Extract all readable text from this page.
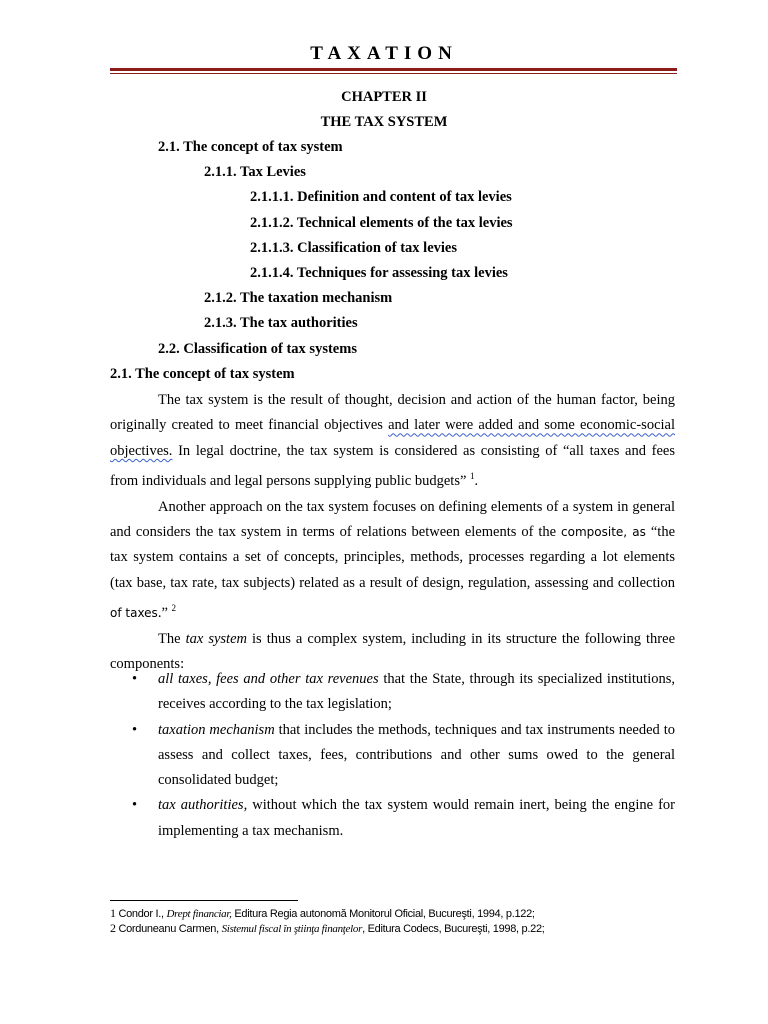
TAXATION
CHAPTER II
THE TAX SYSTEM
2.1. The concept of tax system
2.1.1. Tax Levies
2.1.1.1. Definition and content of tax levies
2.1.1.2. Technical elements of the tax levies
2.1.1.3. Classification of tax levies
2.1.1.4. Techniques for assessing tax levies
2.1.2. The taxation mechanism
2.1.3. The tax authorities
2.2. Classification of tax systems
2.1. The concept of tax system

The tax system is the result of thought, decision and action of the human factor, being originally created to meet financial objectives and later were added and some economic-social objectives. In legal doctrine, the tax system is considered as consisting of “all taxes and fees from individuals and legal persons supplying public budgets” $^1$.

Another approach on the tax system focuses on defining elements of a system in general and considers the tax system in terms of relations between elements of the composite, as “the tax system contains a set of concepts, principles, methods, processes regarding a lot elements (tax base, tax rate, tax subjects) related as a result of design, regulation, assessing and collection of taxes.” $^2$

The tax system is thus a complex system, including in its structure the following three components:

• all taxes, fees and other tax revenues that the State, through its specialized institutions, receives according to the tax legislation;
• taxation mechanism that includes the methods, techniques and tax instruments needed to assess and collect taxes, fees, contributions and other sums owed to the general consolidated budget;
• tax authorities, without which the tax system would remain inert, being the engine for implementing a tax mechanism.
1 Condor I., Drept financiar, Editura Regia autonomă Monitorul Oficial, Bucureşti, 1994, p.122;
2 Corduneanu Carmen, Sistemul fiscal în ştiinţa finanţelor, Editura Codecs, Bucureşti, 1998, p.22;
